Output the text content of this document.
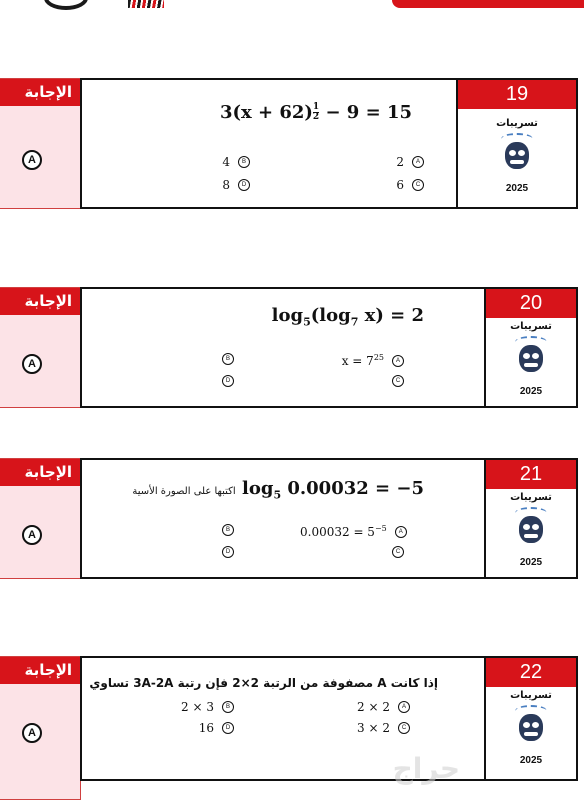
الإجابة
A
$3(x + 62) \frac{1}{2} - 9 = 15$
2	A
4	B
6	C
8	D
19
تسريبات
2025
الإجابة
A
$\log_5(\log_7$ x) = 2
$x = 7^{25}$	A
B
C
D
20
تسريبات
2025
الإجابة
A
اكتبها على الصورة الأسية $\log_5 0.00032 = -5$
$0.00032 = 5^{-5}$	A
B
C
D
21
تسريبات
2025
الإجابة
A
إذا كانت A مصفوفة من الرتبة 2×2 فإن رتبة 3A-2A تساوي
2 × 2	A
2 × 3	B
3 × 2	C
16	D
22
تسريبات
2025
حراج
